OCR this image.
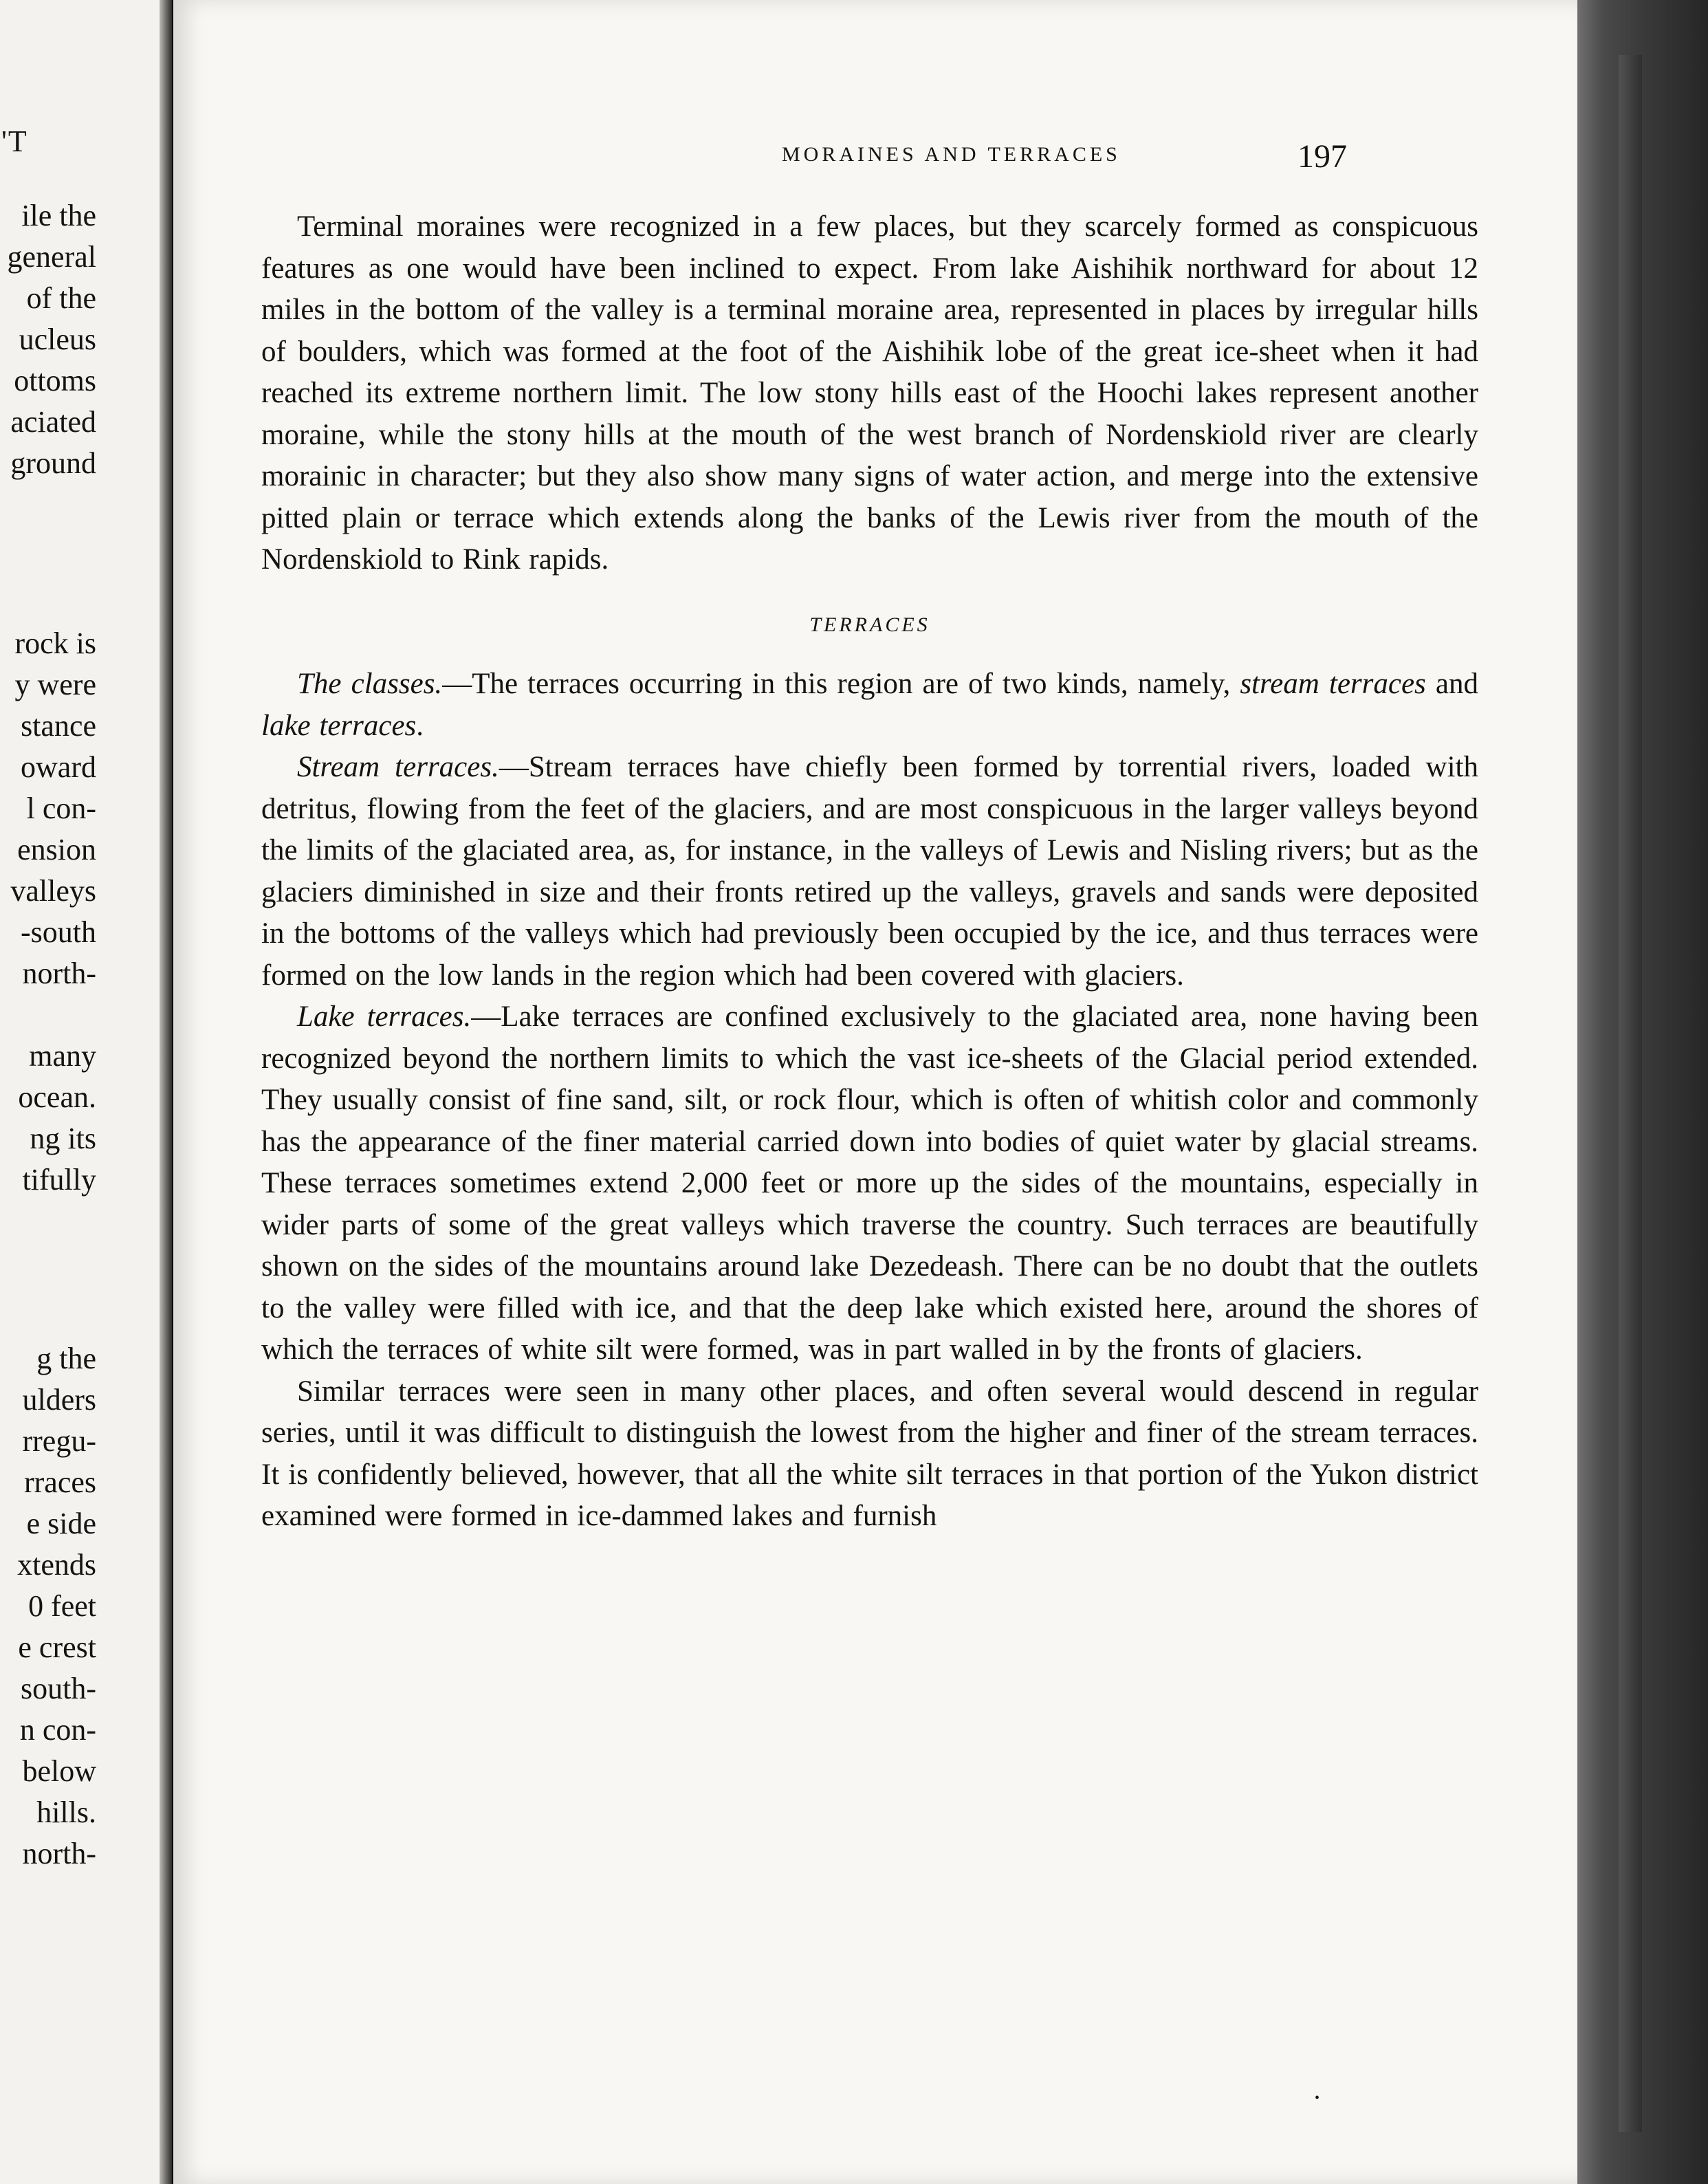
'T

ile the
general
of the
ucleus
ottoms
aciated
ground
rock is
y were
stance
oward
l con-
ension
valleys
-south
north-
many
ocean.
ng its
tifully
g the
ulders
rregu-
rraces
e side
xtends
0 feet
e crest
south-
n con-
below
hills.
north-
MORAINES AND TERRACES	197

Terminal moraines were recognized in a few places, but they scarcely formed as conspicuous features as one would have been inclined to expect. From lake Aishihik northward for about 12 miles in the bottom of the valley is a terminal moraine area, represented in places by irregular hills of boulders, which was formed at the foot of the Aishihik lobe of the great ice-sheet when it had reached its extreme northern limit. The low stony hills east of the Hoochi lakes represent another moraine, while the stony hills at the mouth of the west branch of Nordenskiold river are clearly morainic in character; but they also show many signs of water action, and merge into the extensive pitted plain or terrace which extends along the banks of the Lewis river from the mouth of the Nordenskiold to Rink rapids.

TERRACES

The classes.—The terraces occurring in this region are of two kinds, namely, stream terraces and lake terraces.

Stream terraces.—Stream terraces have chiefly been formed by torrential rivers, loaded with detritus, flowing from the feet of the glaciers, and are most conspicuous in the larger valleys beyond the limits of the glaciated area, as, for instance, in the valleys of Lewis and Nisling rivers; but as the glaciers diminished in size and their fronts retired up the valleys, gravels and sands were deposited in the bottoms of the valleys which had previously been occupied by the ice, and thus terraces were formed on the low lands in the region which had been covered with glaciers.

Lake terraces.—Lake terraces are confined exclusively to the glaciated area, none having been recognized beyond the northern limits to which the vast ice-sheets of the Glacial period extended. They usually consist of fine sand, silt, or rock flour, which is often of whitish color and commonly has the appearance of the finer material carried down into bodies of quiet water by glacial streams. These terraces sometimes extend 2,000 feet or more up the sides of the mountains, especially in wider parts of some of the great valleys which traverse the country. Such terraces are beautifully shown on the sides of the mountains around lake Dezedeash. There can be no doubt that the outlets to the valley were filled with ice, and that the deep lake which existed here, around the shores of which the terraces of white silt were formed, was in part walled in by the fronts of glaciers.

Similar terraces were seen in many other places, and often several would descend in regular series, until it was difficult to distinguish the lowest from the higher and finer of the stream terraces. It is confidently believed, however, that all the white silt terraces in that portion of the Yukon district examined were formed in ice-dammed lakes and furnish

•
